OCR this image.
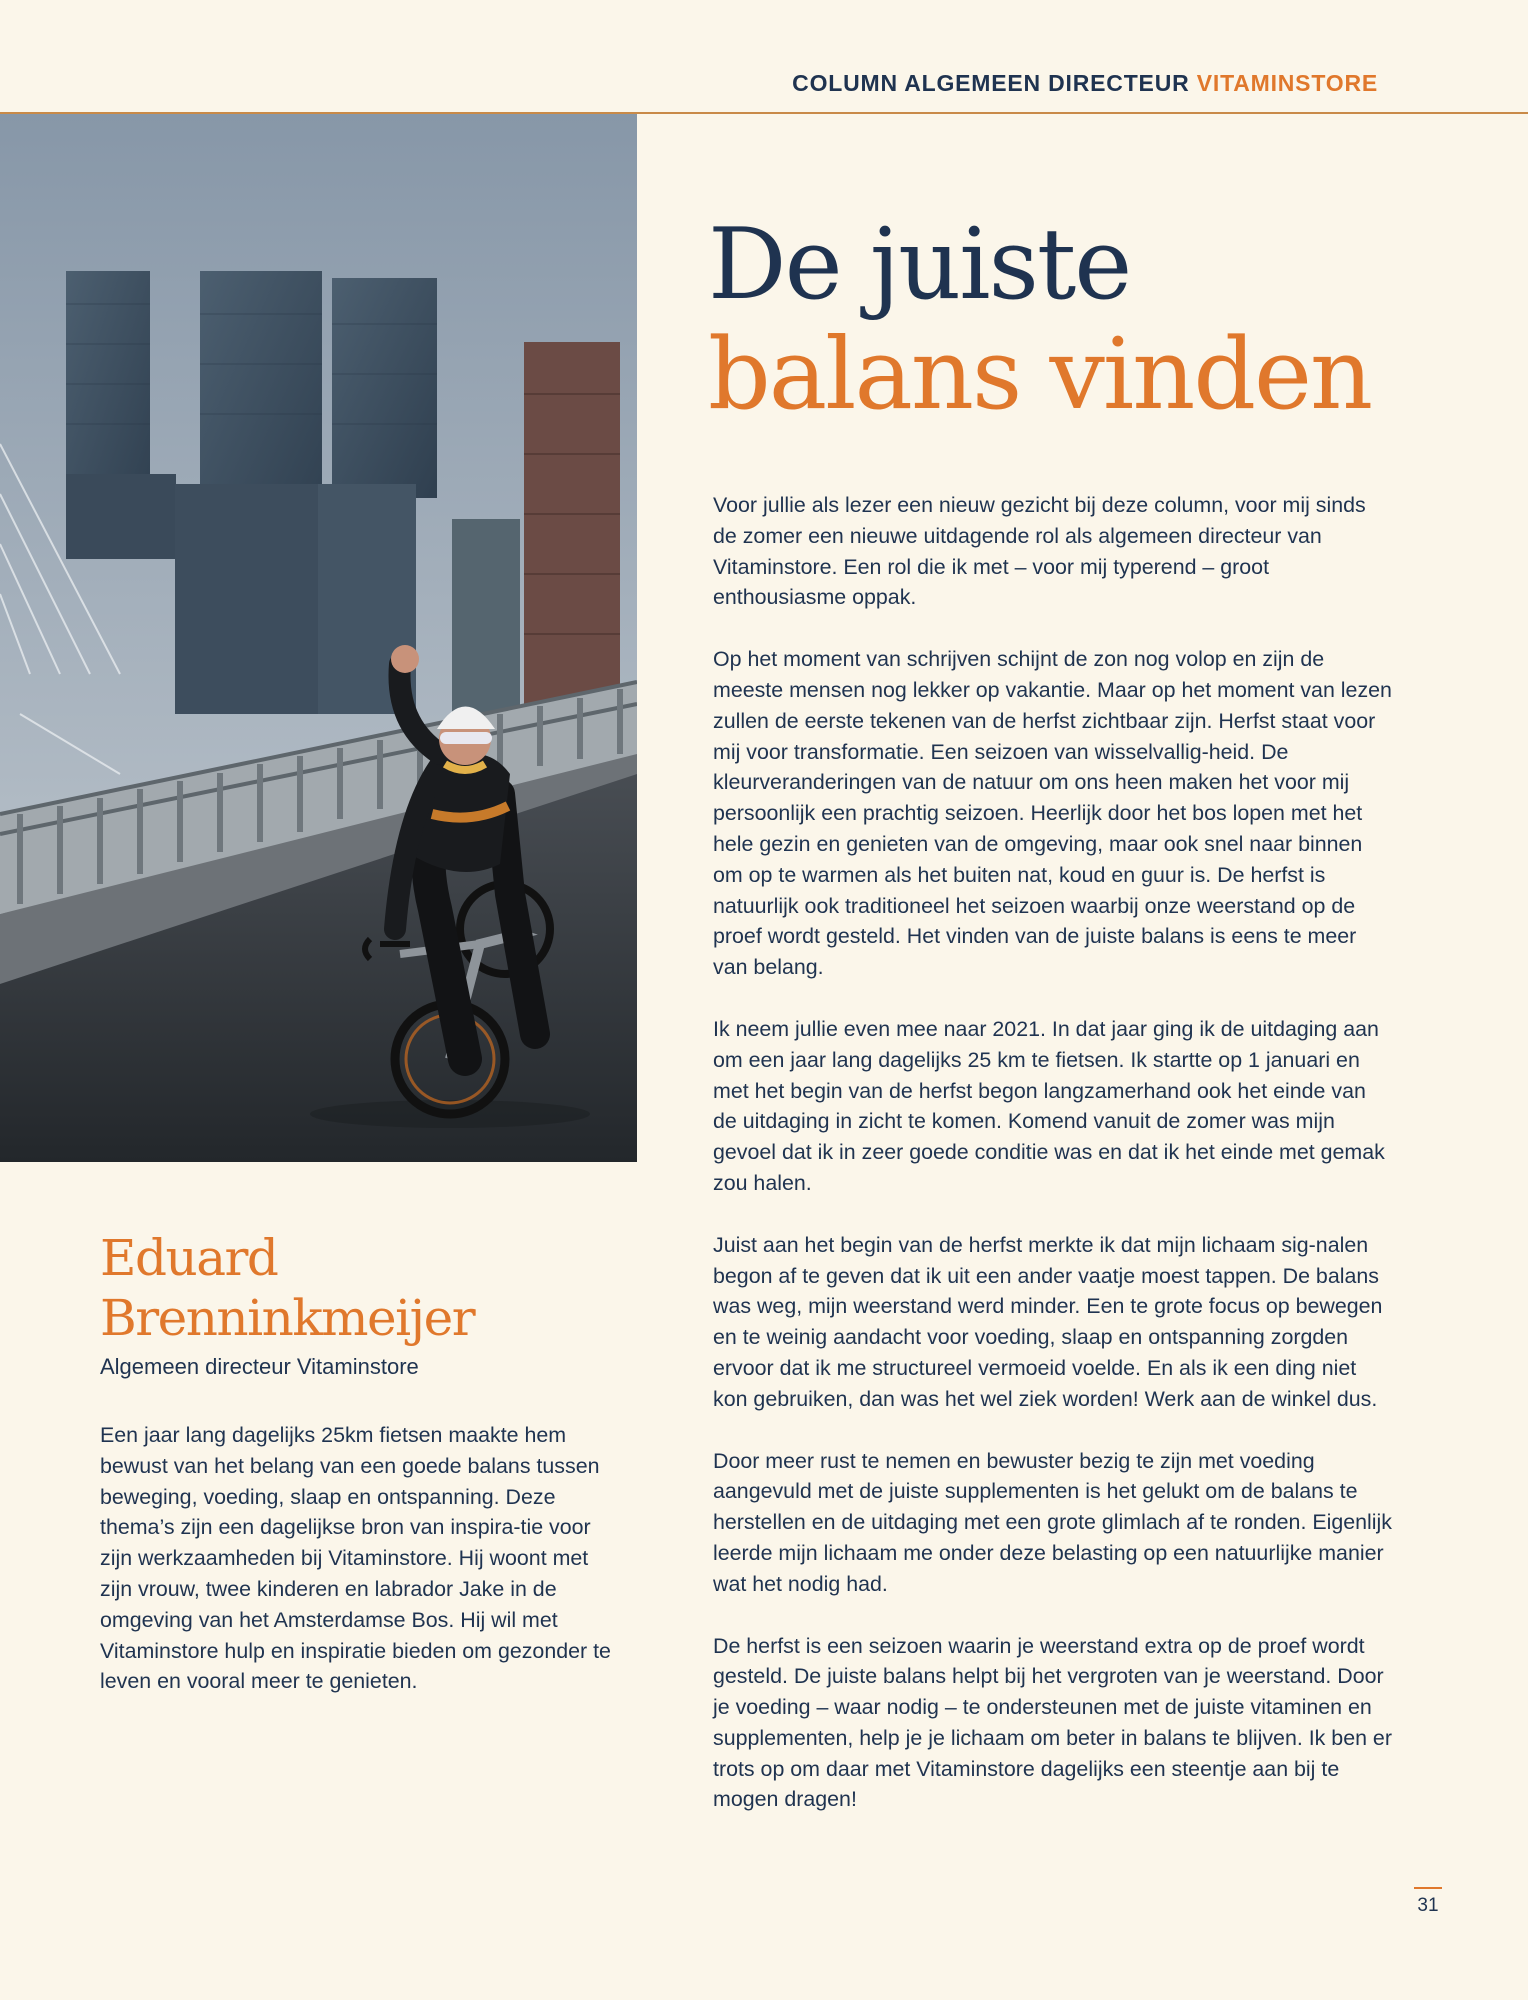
COLUMN ALGEMEEN DIRECTEUR VITAMINSTORE
De juiste
balans vinden

Voor jullie als lezer een nieuw gezicht bij deze column, voor mij sinds de zomer een nieuwe uitdagende rol als algemeen directeur van Vitaminstore. Een rol die ik met – voor mij typerend – groot enthousiasme oppak.

Op het moment van schrijven schijnt de zon nog volop en zijn de meeste mensen nog lekker op vakantie. Maar op het moment van lezen zullen de eerste tekenen van de herfst zichtbaar zijn. Herfst staat voor mij voor transformatie. Een seizoen van wisselvallig-heid. De kleurveranderingen van de natuur om ons heen maken het voor mij persoonlijk een prachtig seizoen. Heerlijk door het bos lopen met het hele gezin en genieten van de omgeving, maar ook snel naar binnen om op te warmen als het buiten nat, koud en guur is. De herfst is natuurlijk ook traditioneel het seizoen waarbij onze weerstand op de proef wordt gesteld. Het vinden van de juiste balans is eens te meer van belang.

Ik neem jullie even mee naar 2021. In dat jaar ging ik de uitdaging aan om een jaar lang dagelijks 25 km te fietsen. Ik startte op 1 januari en met het begin van de herfst begon langzamerhand ook het einde van de uitdaging in zicht te komen. Komend vanuit de zomer was mijn gevoel dat ik in zeer goede conditie was en dat ik het einde met gemak zou halen.

Juist aan het begin van de herfst merkte ik dat mijn lichaam sig-nalen begon af te geven dat ik uit een ander vaatje moest tappen. De balans was weg, mijn weerstand werd minder. Een te grote focus op bewegen en te weinig aandacht voor voeding, slaap en ontspanning zorgden ervoor dat ik me structureel vermoeid voelde. En als ik een ding niet kon gebruiken, dan was het wel ziek worden! Werk aan de winkel dus.

Door meer rust te nemen en bewuster bezig te zijn met voeding aangevuld met de juiste supplementen is het gelukt om de balans te herstellen en de uitdaging met een grote glimlach af te ronden. Eigenlijk leerde mijn lichaam me onder deze belasting op een natuurlijke manier wat het nodig had.

De herfst is een seizoen waarin je weerstand extra op de proef wordt gesteld. De juiste balans helpt bij het vergroten van je weerstand. Door je voeding – waar nodig – te ondersteunen met de juiste vitaminen en supplementen, help je je lichaam om beter in balans te blijven. Ik ben er trots op om daar met Vitaminstore dagelijks een steentje aan bij te mogen dragen!

Eduard Brenninkmeijer
Algemeen directeur Vitaminstore
Een jaar lang dagelijks 25km fietsen maakte hem bewust van het belang van een goede balans tussen beweging, voeding, slaap en ontspanning. Deze thema’s zijn een dagelijkse bron van inspira-tie voor zijn werkzaamheden bij Vitaminstore. Hij woont met zijn vrouw, twee kinderen en labrador Jake in de omgeving van het Amsterdamse Bos. Hij wil met Vitaminstore hulp en inspiratie bieden om gezonder te leven en vooral meer te genieten.
31
